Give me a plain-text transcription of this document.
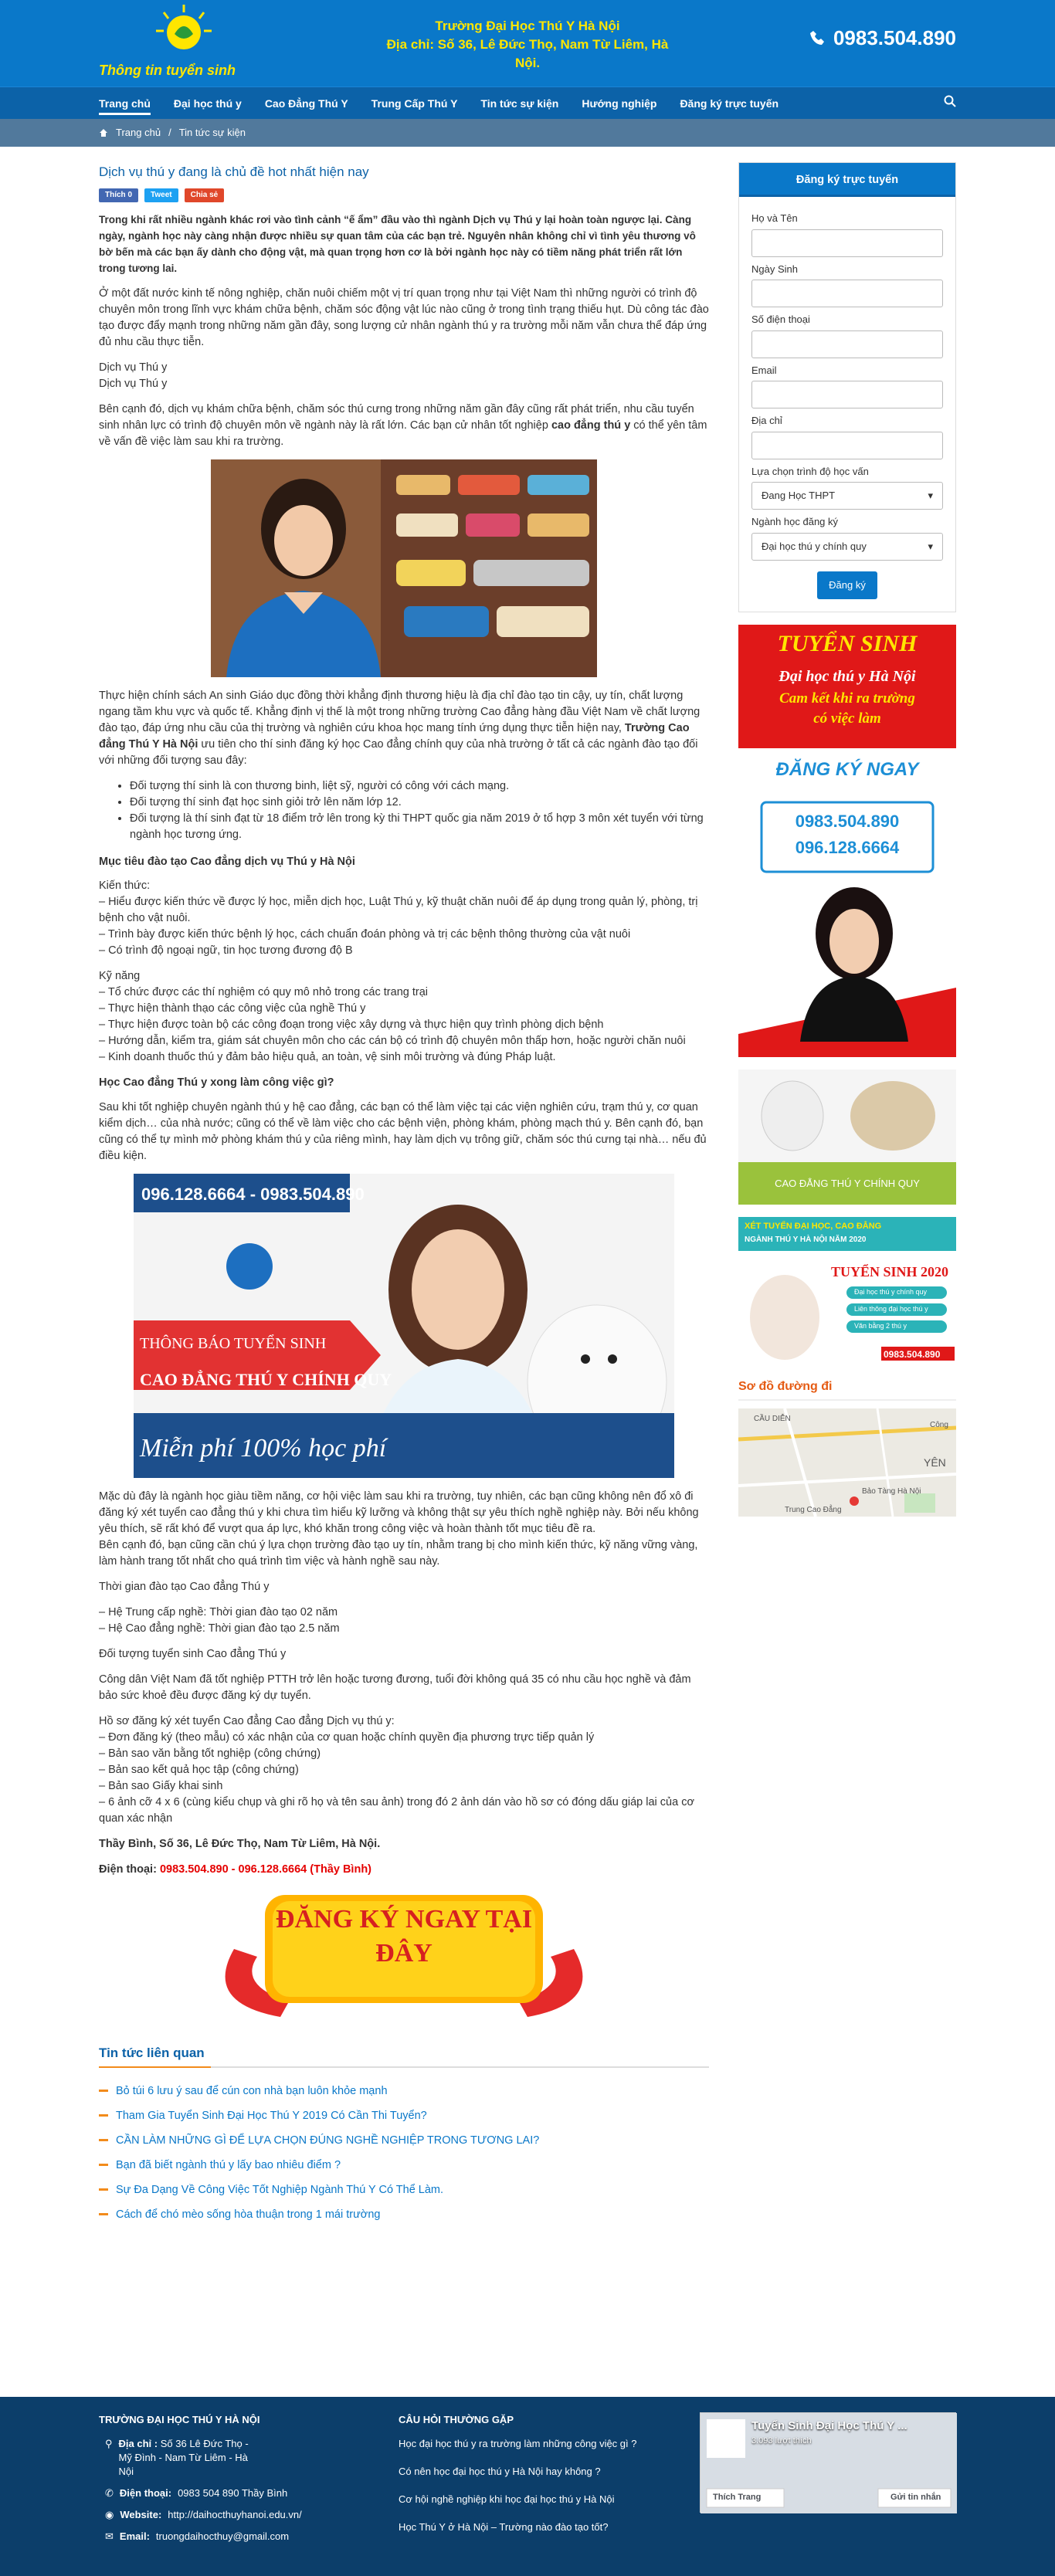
Thông tin tuyển sinh
Trường Đại Học Thú Y Hà Nội
Địa chỉ: Số 36, Lê Đức Thọ, Nam Từ Liêm, Hà Nội.
0983.504.890
Trang chủ Đại học thú y Cao Đẳng Thú Y Trung Cấp Thú Y Tin tức sự kiện Hướng nghiệp Đăng ký trực tuyến
Trang chủ / Tin tức sự kiện
Dịch vụ thú y đang là chủ đề hot nhất hiện nay
Thích 0	Tweet	Chia sẻ

Trong khi rất nhiều ngành khác rơi vào tình cảnh “ế ẩm” đầu vào thì ngành Dịch vụ Thú y lại hoàn toàn ngược lại. Càng ngày, ngành học này càng nhận được nhiều sự quan tâm của các bạn trẻ. Nguyên nhân không chỉ vì tình yêu thương vô bờ bến mà các bạn ấy dành cho động vật, mà quan trọng hơn cơ là bởi ngành học này có tiềm năng phát triển rất lớn trong tương lai.

Ở một đất nước kinh tế nông nghiệp, chăn nuôi chiếm một vị trí quan trọng như tại Việt Nam thì những người có trình độ chuyên môn trong lĩnh vực khám chữa bệnh, chăm sóc động vật lúc nào cũng ở trong tình trạng thiếu hụt. Dù công tác đào tạo được đẩy mạnh trong những năm gần đây, song lượng cử nhân ngành thú y ra trường mỗi năm vẫn chưa thể đáp ứng đủ nhu cầu thực tiễn.

Dịch vụ Thú y

Dịch vụ Thú y

Bên cạnh đó, dịch vụ khám chữa bệnh, chăm sóc thú cưng trong những năm gần đây cũng rất phát triển, nhu cầu tuyển sinh nhân lực có trình độ chuyên môn về ngành này là rất lớn. Các bạn cử nhân tốt nghiệp cao đẳng thú y có thể yên tâm về vấn đề việc làm sau khi ra trường.

Thực hiện chính sách An sinh Giáo dục đồng thời khẳng định thương hiệu là địa chỉ đào tạo tin cậy, uy tín, chất lượng ngang tầm khu vực và quốc tế. Khẳng định vị thế là một trong những trường Cao đẳng hàng đầu Việt Nam về chất lượng đào tạo, đáp ứng nhu cầu của thị trường và nghiên cứu khoa học mang tính ứng dụng thực tiễn hiện nay, Trường Cao đẳng Thú Y Hà Nội ưu tiên cho thí sinh đăng ký học Cao đẳng chính quy của nhà trường ở tất cả các ngành đào tạo đối với những đối tượng sau đây:

• Đối tượng thí sinh là con thương binh, liệt sỹ, người có công với cách mạng.
• Đối tượng thí sinh đạt học sinh giỏi trở lên năm lớp 12.
• Đối tượng là thí sinh đạt từ 18 điểm trở lên trong kỳ thi THPT quốc gia năm 2019 ở tổ hợp 3 môn xét tuyển với từng ngành học tương ứng.
Mục tiêu đào tạo Cao đẳng dịch vụ Thú y Hà Nội

Kiến thức:
– Hiểu được kiến thức về được lý học, miễn dịch học, Luật Thú y, kỹ thuật chăn nuôi để áp dụng trong quản lý, phòng, trị bệnh cho vật nuôi.
– Trình bày được kiến thức bệnh lý học, cách chuẩn đoán phòng và trị các bệnh thông thường của vật nuôi
– Có trình độ ngoại ngữ, tin học tương đương độ B

Kỹ năng
– Tổ chức được các thí nghiệm có quy mô nhỏ trong các trang trại
– Thực hiện thành thạo các công việc của nghề Thú y
– Thực hiện được toàn bộ các công đoạn trong việc xây dựng và thực hiện quy trình phòng dịch bệnh
– Hướng dẫn, kiểm tra, giám sát chuyên môn cho các cán bộ có trình độ chuyên môn thấp hơn, hoặc người chăn nuôi
– Kinh doanh thuốc thú y đảm bảo hiệu quả, an toàn, vệ sinh môi trường và đúng Pháp luật.

Học Cao đẳng Thú y xong làm công việc gì?

Sau khi tốt nghiệp chuyên ngành thú y hệ cao đẳng, các bạn có thể làm việc tại các viện nghiên cứu, trạm thú y, cơ quan kiểm dịch… của nhà nước; cũng có thể về làm việc cho các bệnh viện, phòng khám, phòng mạch thú y. Bên cạnh đó, bạn cũng có thể tự mình mở phòng khám thú y của riêng mình, hay làm dịch vụ trông giữ, chăm sóc thú cưng tại nhà… nếu đủ điều kiện.

096.128.6664 - 0983.504.890
THÔNG BÁO TUYỂN SINH
CAO ĐẲNG THÚ Y CHÍNH QUY
Miễn phí 100% học phí

Mặc dù đây là ngành học giàu tiềm năng, cơ hội việc làm sau khi ra trường, tuy nhiên, các bạn cũng không nên đổ xô đi đăng ký xét tuyển cao đẳng thú y khi chưa tìm hiểu kỹ lưỡng và không thật sự yêu thích nghề nghiệp này. Bởi nếu không yêu thích, sẽ rất khó để vượt qua áp lực, khó khăn trong công việc và hoàn thành tốt mục tiêu đề ra.
Bên cạnh đó, bạn cũng cần chú ý lựa chọn trường đào tạo uy tín, nhằm trang bị cho mình kiến thức, kỹ năng vững vàng, làm hành trang tốt nhất cho quá trình tìm việc và hành nghề sau này.

Thời gian đào tạo Cao đẳng Thú y

– Hệ Trung cấp nghề: Thời gian đào tạo 02 năm
– Hệ Cao đẳng nghề: Thời gian đào tạo 2.5 năm

Đối tượng tuyển sinh Cao đẳng Thú y

Công dân Việt Nam đã tốt nghiệp PTTH trở lên hoặc tương đương, tuổi đời không quá 35 có nhu cầu học nghề và đảm bảo sức khoẻ đều được đăng ký dự tuyển.

Hồ sơ đăng ký xét tuyển Cao đẳng Cao đẳng Dịch vụ thú y:
– Đơn đăng ký (theo mẫu) có xác nhận của cơ quan hoặc chính quyền địa phương trực tiếp quản lý
– Bản sao văn bằng tốt nghiệp (công chứng)
– Bản sao kết quả học tập (công chứng)
– Bản sao Giấy khai sinh
– 6 ảnh cỡ 4 x 6 (cùng kiểu chụp và ghi rõ họ và tên sau ảnh) trong đó 2 ảnh dán vào hồ sơ có đóng dấu giáp lai của cơ quan xác nhận

Thầy Bình, Số 36, Lê Đức Thọ, Nam Từ Liêm, Hà Nội.

Điện thoại: 0983.504.890 - 096.128.6664 (Thầy Bình)

ĐĂNG KÝ NGAY TẠI ĐÂY
Tin tức liên quan
Bỏ túi 6 lưu ý sau để cún con nhà bạn luôn khỏe mạnh
Tham Gia Tuyển Sinh Đại Học Thú Y 2019 Có Cần Thi Tuyển?
CẦN LÀM NHỮNG GÌ ĐỂ LỰA CHỌN ĐÚNG NGHỀ NGHIỆP TRONG TƯƠNG LAI?
Bạn đã biết ngành thú y lấy bao nhiêu điểm ?
Sự Đa Dạng Về Công Việc Tốt Nghiệp Ngành Thú Y Có Thể Làm.
Cách để chó mèo sống hòa thuận trong 1 mái trường
Đăng ký trực tuyến
Họ và Tên
Ngày Sinh
Số điện thoại
Email
Địa chỉ
Lựa chọn trình độ học vấn
Đang Học THPT	▾
Ngành học đăng ký
Đại học thú y chính quy	▾
Đăng ký
TUYỂN SINH
Đại học thú y Hà Nội
Cam kết khi ra trường
có việc làm
ĐĂNG KÝ NGAY
0983.504.890
096.128.6664
CAO ĐẲNG THÚ Y CHÍNH QUY
XÉT TUYỂN ĐẠI HỌC, CAO ĐẲNG
NGÀNH THÚ Y HÀ NỘI NĂM 2020
TUYỂN SINH 2020
Đại học thú y chính quy
Liên thông đại học thú y
Văn bằng 2 thú y
0983.504.890
Sơ đồ đường đi
CẦU DIỄN
YÊN
Bảo Tàng Hà Nội
Công
Trung Cao Đẳng
TRƯỜNG ĐẠI HỌC THÚ Y HÀ NỘI
⚲ Địa chỉ : Số 36 Lê Đức Thọ - Mỹ Đình - Nam Từ Liêm - Hà Nội
✆ Điện thoại: 0983 504 890 Thầy Bình
◉ Website: http://daihocthuyhanoi.edu.vn/
✉ Email: truongdaihocthuy@gmail.com
CÂU HỎI THƯỜNG GẶP
Học đại học thú y ra trường làm những công việc gì ?
Có nên học đại học thú y Hà Nội hay không ?
Cơ hội nghề nghiệp khi học đại học thú y Hà Nội
Học Thú Y ở Hà Nội – Trường nào đào tạo tốt?
Tuyển Sinh Đại Học Thú Y ...
3.093 lượt thích
Thích Trang	Gửi tin nhắn
